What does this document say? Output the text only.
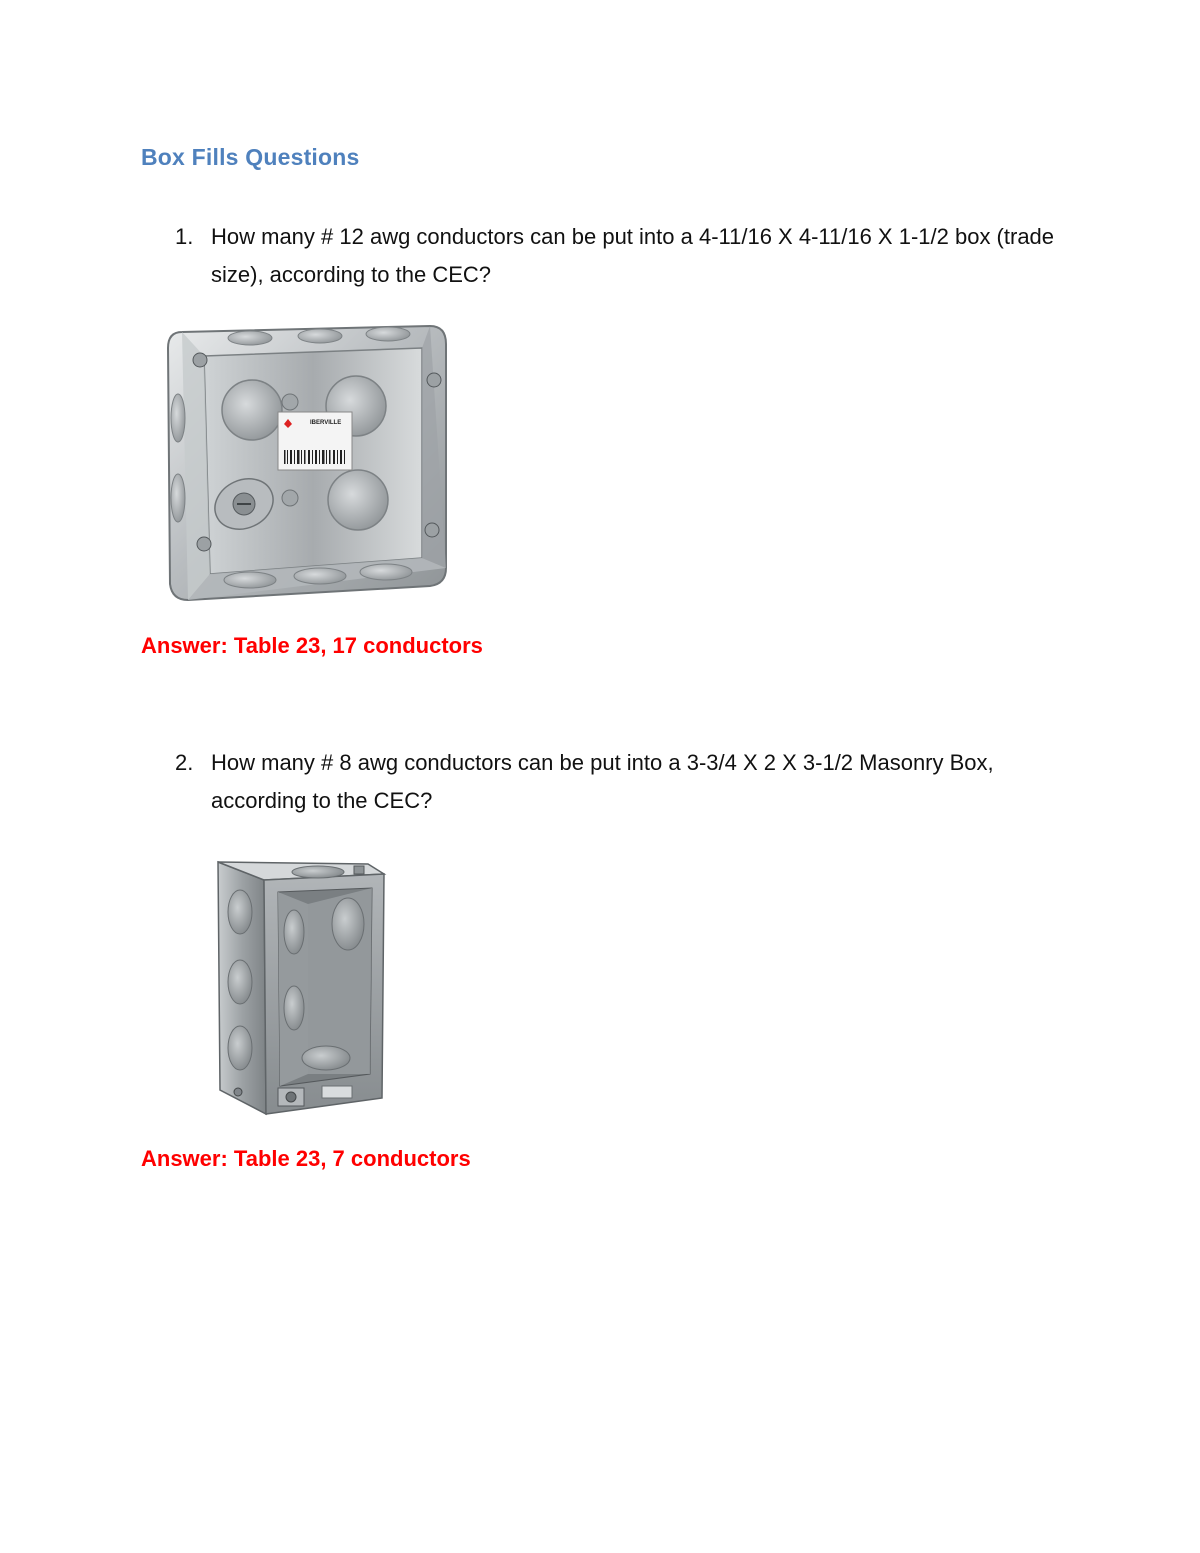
Box Fills Questions
1. How many # 12 awg conductors can be put into a 4-11/16 X 4-11/16 X 1-1/2 box (trade size), according to the CEC?
IBERVILLE
Answer: Table 23, 17 conductors
2. How many # 8 awg conductors can be put into a 3-3/4 X 2 X 3-1/2 Masonry Box, according to the CEC?
Answer: Table 23, 7 conductors
